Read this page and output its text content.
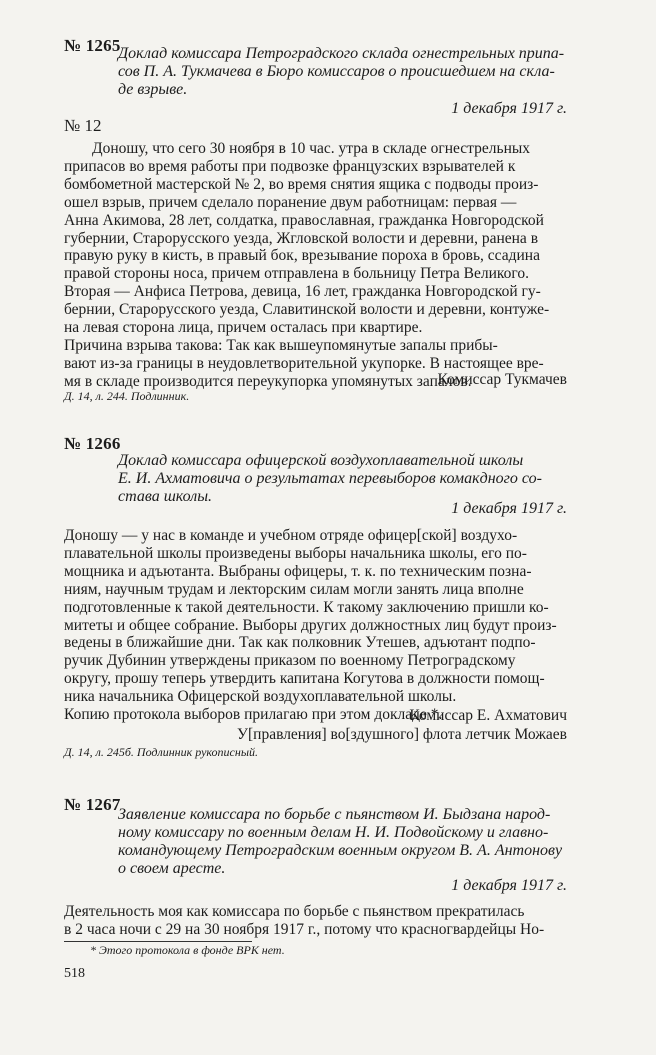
№ 1265
Доклад комиссара Петроградского склада огнестрельных припа-
сов П. А. Тукмачева в Бюро комиссаров о происшедшем на скла-
де взрыве.
1 декабря 1917 г.
№ 12
Доношу, что сего 30 ноября в 10 час. утра в складе огнестрельных
припасов во время работы при подвозке французских взрывателей к
бомбометной мастерской № 2, во время снятия ящика с подводы произ-
ошел взрыв, причем сделало поранение двум работницам: первая —
Анна Акимова, 28 лет, солдатка, православная, гражданка Новгородской
губернии, Старорусского уезда, Жгловской волости и деревни, ранена в
правую руку в кисть, в правый бок, врезывание пороха в бровь, ссадина
правой стороны носа, причем отправлена в больницу Петра Великого.
Вторая — Анфиса Петрова, девица, 16 лет, гражданка Новгородской гу-
бернии, Старорусского уезда, Славитинской волости и деревни, контуже-
на левая сторона лица, причем осталась при квартире.
Причина взрыва такова: Так как вышеупомянутые запалы прибы-
вают из-за границы в неудовлетворительной укупорке. В настоящее вре-
мя в складе производится переукупорка упомянутых запалов.
Комиссар Тукмачев
Д. 14, л. 244. Подлинник.
№ 1266
Доклад комиссара офицерской воздухоплавательной школы
Е. И. Ахматовича о результатах перевыборов комакдного со-
става школы.
1 декабря 1917 г.
Доношу — у нас в команде и учебном отряде офицер[ской] воздухо-
плавательной школы произведены выборы начальника школы, его по-
мощника и адъютанта. Выбраны офицеры, т. к. по техническим позна-
ниям, научным трудам и лекторским силам могли занять лица вполне
подготовленные к такой деятельности. К такому заключению пришли ко-
митеты и общее собрание. Выборы других должностных лиц будут произ-
ведены в ближайшие дни. Так как полковник Утешев, адъютант подпо-
ручик Дубинин утверждены приказом по военному Петроградскому
округу, прошу теперь утвердить капитана Когутова в должности помощ-
ника начальника Офицерской воздухоплавательной школы.
Копию протокола выборов прилагаю при этом докладе *.
Комиссар Е. Ахматович
У[правления] во[здушного] флота летчик Можаев
Д. 14, л. 245б. Подлинник рукописный.
№ 1267
Заявление комиссара по борьбе с пьянством И. Быдзана народ-
ному комиссару по военным делам Н. И. Подвойскому и главно-
командующему Петроградским военным округом В. А. Антонову
о своем аресте.
1 декабря 1917 г.
Деятельность моя как комиссара по борьбе с пьянством прекратилась
в 2 часа ночи с 29 на 30 ноября 1917 г., потому что красногвардейцы Но-
* Этого протокола в фонде ВРК нет.
518
